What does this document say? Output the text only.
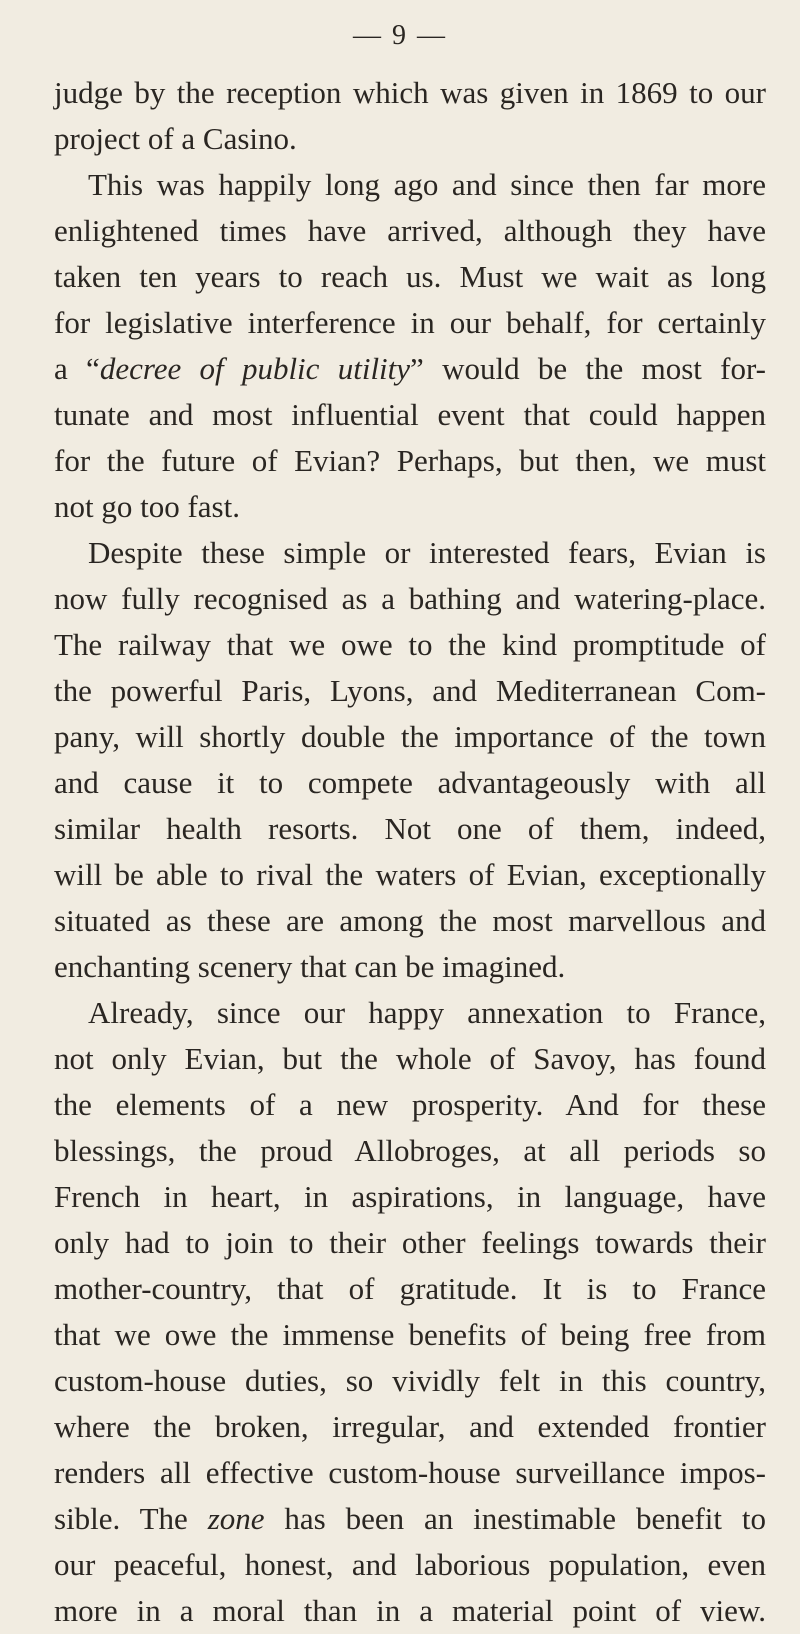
— 9 —
judge by the reception which was given in 1869 to our
project of a Casino.
This was happily long ago and since then far more
enlightened times have arrived, although they have
taken ten years to reach us. Must we wait as long
for legislative interference in our behalf, for certainly
a “decree of public utility” would be the most for-
tunate and most influential event that could happen
for the future of Evian? Perhaps, but then, we must
not go too fast.
Despite these simple or interested fears, Evian is
now fully recognised as a bathing and watering-place.
The railway that we owe to the kind promptitude of
the powerful Paris, Lyons, and Mediterranean Com-
pany, will shortly double the importance of the town
and cause it to compete advantageously with all
similar health resorts. Not one of them, indeed,
will be able to rival the waters of Evian, exceptionally
situated as these are among the most marvellous and
enchanting scenery that can be imagined.
Already, since our happy annexation to France,
not only Evian, but the whole of Savoy, has found
the elements of a new prosperity. And for these
blessings, the proud Allobroges, at all periods so
French in heart, in aspirations, in language, have
only had to join to their other feelings towards their
mother-country, that of gratitude. It is to France
that we owe the immense benefits of being free from
custom-house duties, so vividly felt in this country,
where the broken, irregular, and extended frontier
renders all effective custom-house surveillance impos-
sible. The zone has been an inestimable benefit to
our peaceful, honest, and laborious population, even
more in a moral than in a material point of view.
